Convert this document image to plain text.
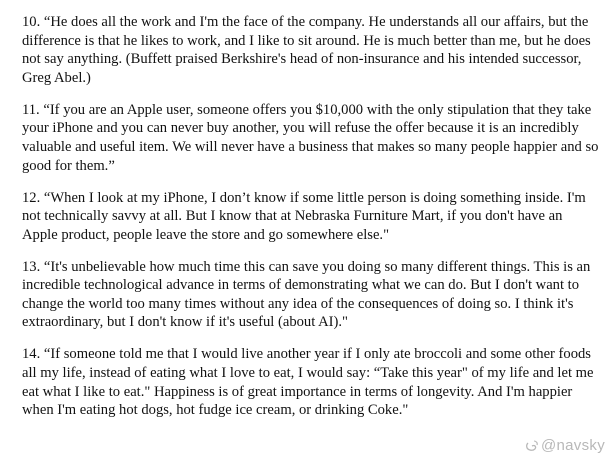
10. “He does all the work and I'm the face of the company. He understands all our affairs, but the difference is that he likes to work, and I like to sit around. He is much better than me, but he does not say anything. (Buffett praised Berkshire's head of non-insurance and his intended successor, Greg Abel.)

11. “If you are an Apple user, someone offers you $10,000 with the only stipulation that they take your iPhone and you can never buy another, you will refuse the offer because it is an incredibly valuable and useful item. We will never have a business that makes so many people happier and so good for them.”

12. “When I look at my iPhone, I don’t know if some little person is doing something inside. I'm not technically savvy at all. But I know that at Nebraska Furniture Mart, if you don't have an Apple product, people leave the store and go somewhere else."

13. “It's unbelievable how much time this can save you doing so many different things. This is an incredible technological advance in terms of demonstrating what we can do. But I don't want to change the world too many times without any idea of the consequences of doing so. I think it's extraordinary, but I don't know if it's useful (about AI)."

14. “If someone told me that I would live another year if I only ate broccoli and some other foods all my life, instead of eating what I love to eat, I would say: “Take this year" of my life and let me eat what I like to eat." Happiness is of great importance in terms of longevity. And I'm happier when I'm eating hot dogs, hot fudge ice cream, or drinking Coke."

@navsky
